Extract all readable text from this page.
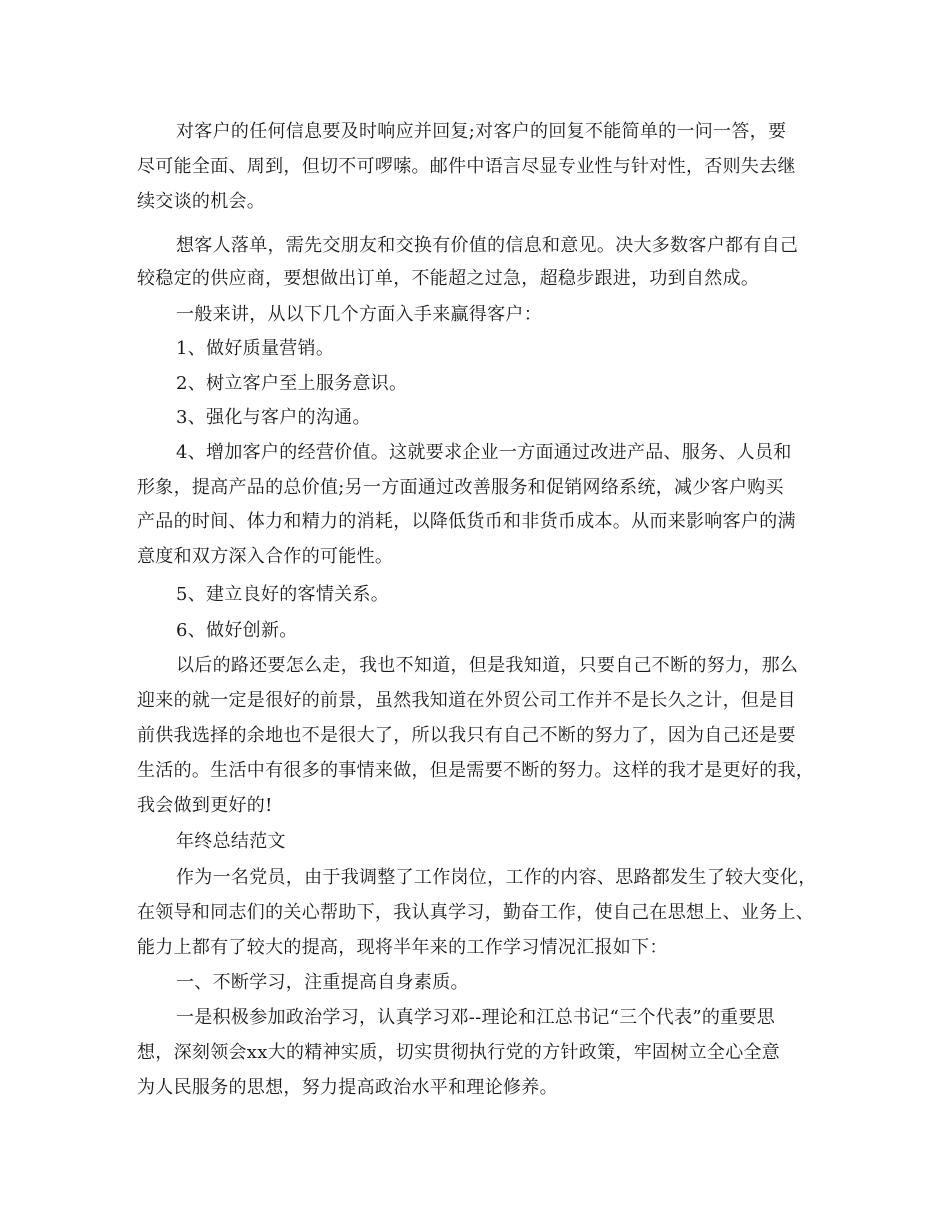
对客户的任何信息要及时响应并回复;对客户的回复不能简单的一问一答，要
尽可能全面、周到，但切不可啰嗦。邮件中语言尽显专业性与针对性，否则失去继
续交谈的机会。
想客人落单，需先交朋友和交换有价值的信息和意见。决大多数客户都有自己
较稳定的供应商，要想做出订单，不能超之过急，超稳步跟进，功到自然成。
一般来讲，从以下几个方面入手来赢得客户：
1、做好质量营销。
2、树立客户至上服务意识。
3、强化与客户的沟通。
4、增加客户的经营价值。这就要求企业一方面通过改进产品、服务、人员和
形象，提高产品的总价值;另一方面通过改善服务和促销网络系统，减少客户购买
产品的时间、体力和精力的消耗，以降低货币和非货币成本。从而来影响客户的满
意度和双方深入合作的可能性。
5、建立良好的客情关系。
6、做好创新。
以后的路还要怎么走，我也不知道，但是我知道，只要自己不断的努力，那么
迎来的就一定是很好的前景，虽然我知道在外贸公司工作并不是长久之计，但是目
前供我选择的余地也不是很大了，所以我只有自己不断的努力了，因为自己还是要
生活的。生活中有很多的事情来做，但是需要不断的努力。这样的我才是更好的我，
我会做到更好的!
年终总结范文
作为一名党员，由于我调整了工作岗位，工作的内容、思路都发生了较大变化，
在领导和同志们的关心帮助下，我认真学习，勤奋工作，使自己在思想上、业务上、
能力上都有了较大的提高，现将半年来的工作学习情况汇报如下：
一、不断学习，注重提高自身素质。
一是积极参加政治学习，认真学习邓--理论和江总书记“三个代表”的重要思
想，深刻领会xx大的精神实质，切实贯彻执行党的方针政策，牢固树立全心全意
为人民服务的思想，努力提高政治水平和理论修养。
